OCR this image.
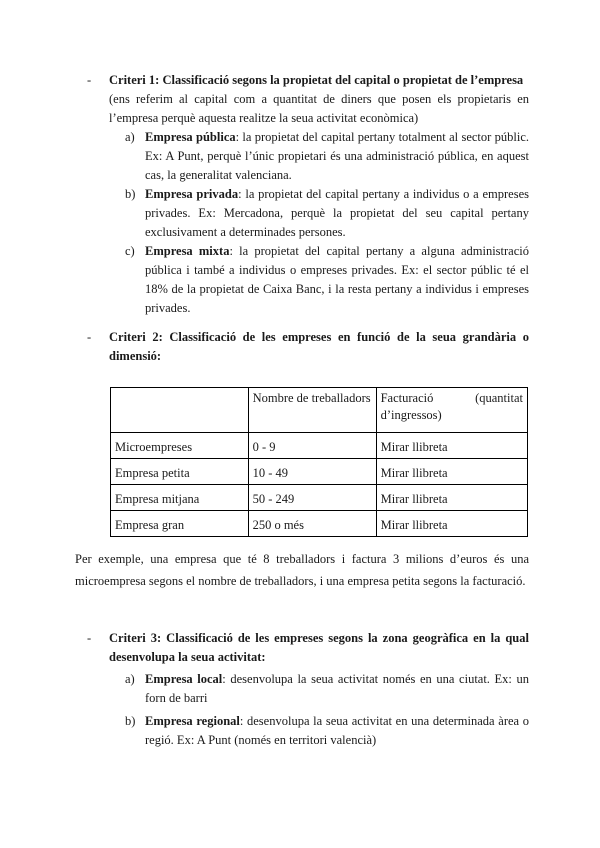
- Criteri 1: Classificació segons la propietat del capital o propietat de l’empresa
(ens referim al capital com a quantitat de diners que posen els propietaris en l’empresa perquè aquesta realitze la seua activitat econòmica)
a) Empresa pública: la propietat del capital pertany totalment al sector públic. Ex: A Punt, perquè l’únic propietari és una administració pública, en aquest cas, la generalitat valenciana.
b) Empresa privada: la propietat del capital pertany a individus o a empreses privades. Ex: Mercadona, perquè la propietat del seu capital pertany exclusivament a determinades persones.
c) Empresa mixta: la propietat del capital pertany a alguna administració pública i també a individus o empreses privades. Ex: el sector públic té el 18% de la propietat de Caixa Banc, i la resta pertany a individus i empreses privades.
- Criteri 2: Classificació de les empreses en funció de la seua grandària o dimensió:
	Nombre de treballadors	Facturació (quantitat
d’ingressos)

Microempreses	0 - 9	Mirar llibreta
Empresa petita	10 - 49	Mirar llibreta
Empresa mitjana	50 - 249	Mirar llibreta
Empresa gran	250 o més	Mirar llibreta
Per exemple, una empresa que té 8 treballadors i factura 3 milions d’euros és una microempresa segons el nombre de treballadors, i una empresa petita segons la facturació.
- Criteri 3: Classificació de les empreses segons la zona geogràfica en la qual desenvolupa la seua activitat:
a) Empresa local: desenvolupa la seua activitat només en una ciutat. Ex: un forn de barri
b) Empresa regional: desenvolupa la seua activitat en una determinada àrea o regió. Ex: A Punt (només en territori valencià)
